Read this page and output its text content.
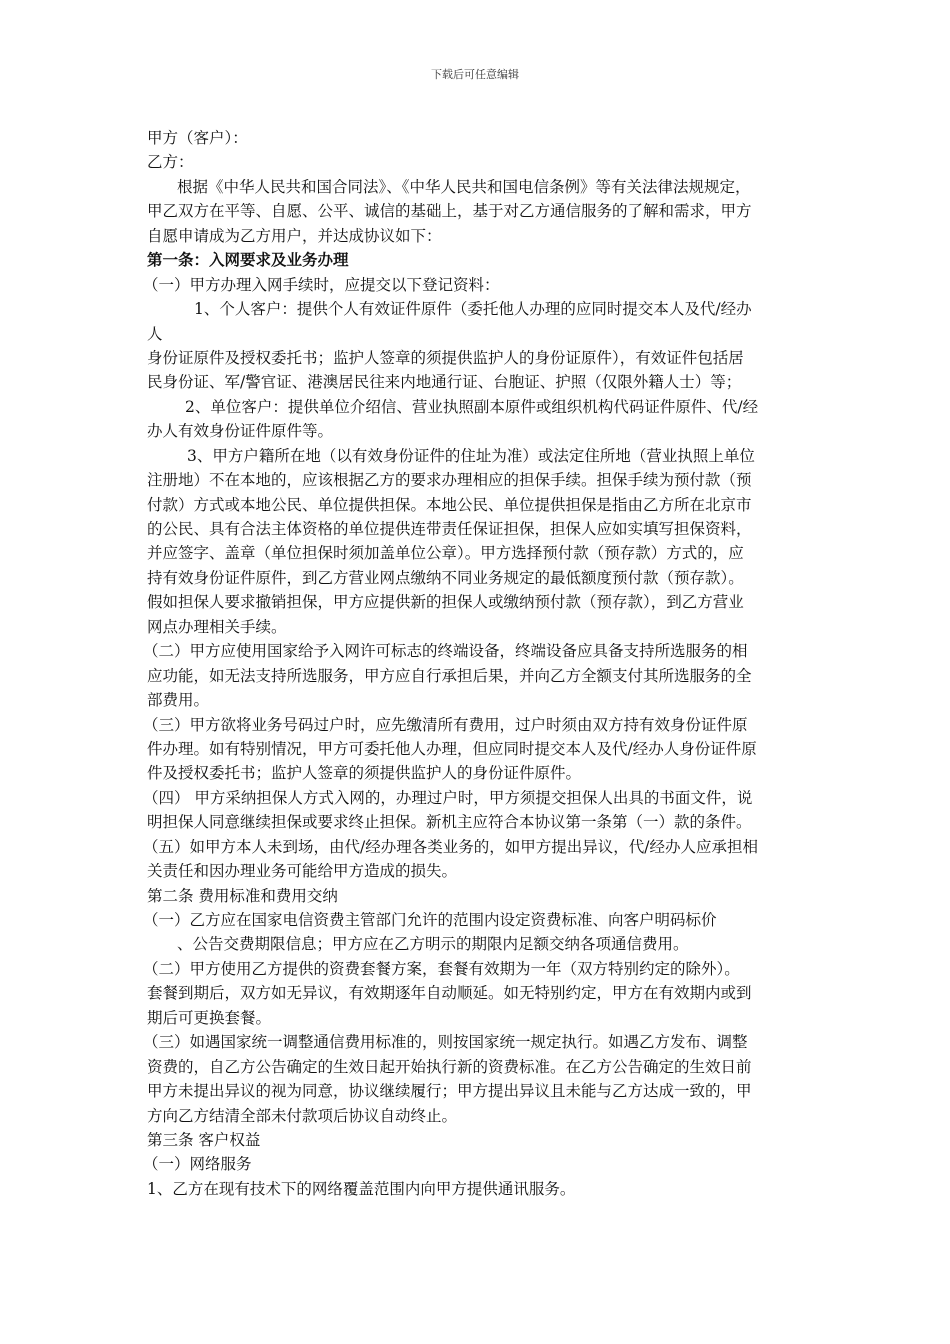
下载后可任意编辑
甲方（客户）：
乙方：
根据《中华人民共和国合同法》、《中华人民共和国电信条例》等有关法律法规规定，
甲乙双方在平等、自愿、公平、诚信的基础上，基于对乙方通信服务的了解和需求，甲方
自愿申请成为乙方用户，并达成协议如下：
第一条：入网要求及业务办理
（一）甲方办理入网手续时，应提交以下登记资料：
1、个人客户：提供个人有效证件原件（委托他人办理的应同时提交本人及代/经办
人
身份证原件及授权委托书；监护人签章的须提供监护人的身份证原件），有效证件包括居
民身份证、军/警官证、港澳居民往来内地通行证、台胞证、护照（仅限外籍人士）等；
2、单位客户：提供单位介绍信、营业执照副本原件或组织机构代码证件原件、代/经
办人有效身份证件原件等。
3、甲方户籍所在地（以有效身份证件的住址为准）或法定住所地（营业执照上单位
注册地）不在本地的，应该根据乙方的要求办理相应的担保手续。担保手续为预付款（预
付款）方式或本地公民、单位提供担保。本地公民、单位提供担保是指由乙方所在北京市
的公民、具有合法主体资格的单位提供连带责任保证担保，担保人应如实填写担保资料，
并应签字、盖章（单位担保时须加盖单位公章）。甲方选择预付款（预存款）方式的，应
持有效身份证件原件，到乙方营业网点缴纳不同业务规定的最低额度预付款（预存款）。
假如担保人要求撤销担保，甲方应提供新的担保人或缴纳预付款（预存款），到乙方营业
网点办理相关手续。
（二）甲方应使用国家给予入网许可标志的终端设备，终端设备应具备支持所选服务的相
应功能，如无法支持所选服务，甲方应自行承担后果，并向乙方全额支付其所选服务的全
部费用。
（三）甲方欲将业务号码过户时，应先缴清所有费用，过户时须由双方持有效身份证件原
件办理。如有特别情况，甲方可委托他人办理，但应同时提交本人及代/经办人身份证件原
件及授权委托书；监护人签章的须提供监护人的身份证件原件。
（四） 甲方采纳担保人方式入网的，办理过户时，甲方须提交担保人出具的书面文件，说
明担保人同意继续担保或要求终止担保。新机主应符合本协议第一条第（一）款的条件。
（五）如甲方本人未到场，由代/经办理各类业务的，如甲方提出异议，代/经办人应承担相
关责任和因办理业务可能给甲方造成的损失。
第二条 费用标准和费用交纳
（一）乙方应在国家电信资费主管部门允许的范围内设定资费标准、向客户明码标价
、公告交费期限信息；甲方应在乙方明示的期限内足额交纳各项通信费用。
（二）甲方使用乙方提供的资费套餐方案，套餐有效期为一年（双方特别约定的除外）。
套餐到期后，双方如无异议，有效期逐年自动顺延。如无特别约定，甲方在有效期内或到
期后可更换套餐。
（三）如遇国家统一调整通信费用标准的，则按国家统一规定执行。如遇乙方发布、调整
资费的，自乙方公告确定的生效日起开始执行新的资费标准。在乙方公告确定的生效日前
甲方未提出异议的视为同意，协议继续履行；甲方提出异议且未能与乙方达成一致的，甲
方向乙方结清全部未付款项后协议自动终止。
第三条 客户权益
（一）网络服务
1、乙方在现有技术下的网络覆盖范围内向甲方提供通讯服务。
